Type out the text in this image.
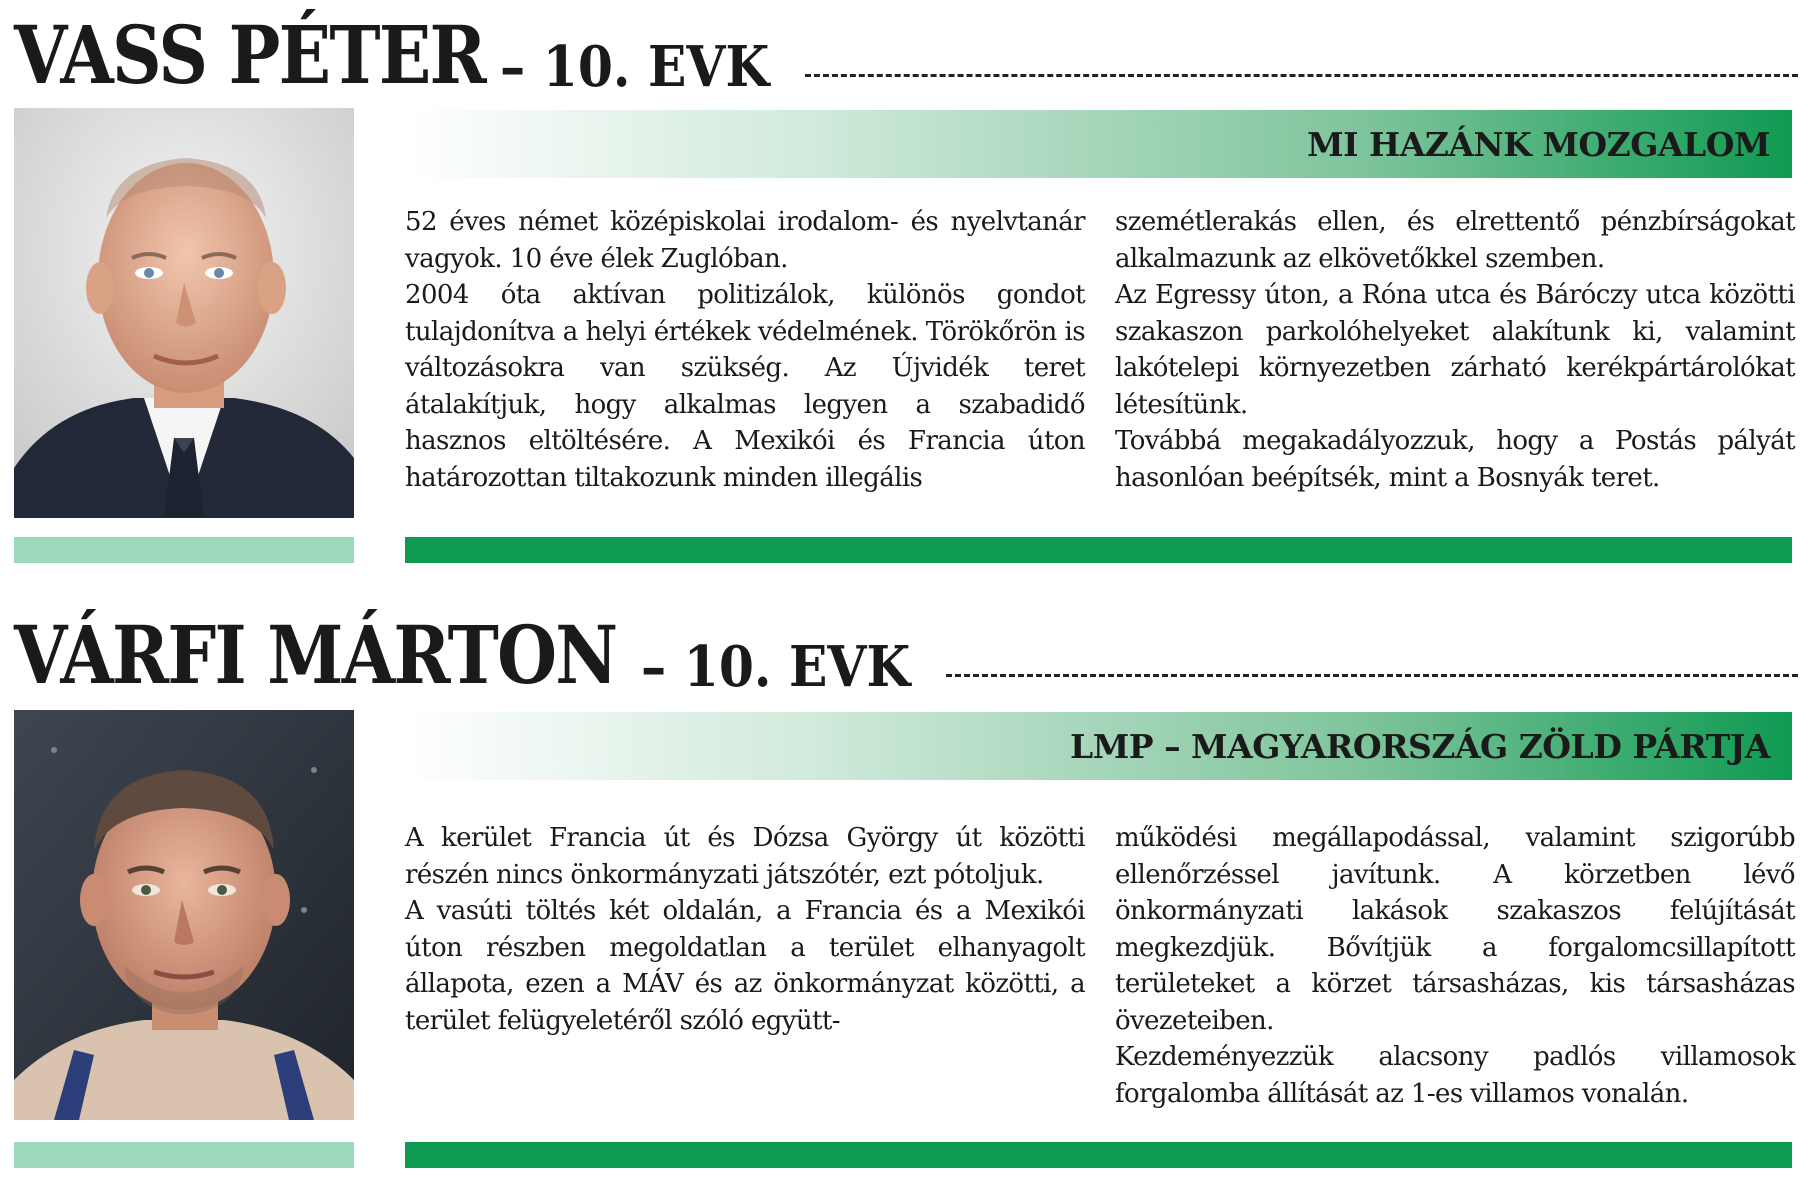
VASS PÉTER – 10. EVK
MI HAZÁNK MOZGALOM

52 éves német középiskolai irodalom- és nyelvtanár vagyok. 10 éve élek Zuglóban.

2004 óta aktívan politizálok, különös gondot tulajdonítva a helyi értékek védelmének. Törökőrön is változásokra van szükség. Az Újvidék teret átalakítjuk, hogy alkalmas legyen a szabadidő hasznos eltöltésére. A Mexikói és Francia úton határozottan tiltakozunk minden illegális

szemétlerakás ellen, és elrettentő pénzbírságokat alkalmazunk az elkövetőkkel szemben.

Az Egressy úton, a Róna utca és Báróczy utca közötti szakaszon parkolóhelyeket alakítunk ki, valamint lakótelepi környezetben zárható kerékpártárolókat létesítünk.

Továbbá megakadályozzuk, hogy a Postás pályát hasonlóan beépítsék, mint a Bosnyák teret.

VÁRFI MÁRTON – 10. EVK
LMP – MAGYARORSZÁG ZÖLD PÁRTJA

A kerület Francia út és Dózsa György út közötti részén nincs önkormányzati játszótér, ezt pótoljuk.

A vasúti töltés két oldalán, a Francia és a Mexikói úton részben megoldatlan a terület elhanyagolt állapota, ezen a MÁV és az önkormányzat közötti, a terület felügyeletéről szóló együtt-

működési megállapodással, valamint szigorúbb ellenőrzéssel javítunk. A körzetben lévő önkormányzati lakások szakaszos felújítását megkezdjük. Bővítjük a forgalomcsillapított területeket a körzet társasházas, kis társasházas övezeteiben.

Kezdeményezzük alacsony padlós villamosok forgalomba állítását az 1-es villamos vonalán.
